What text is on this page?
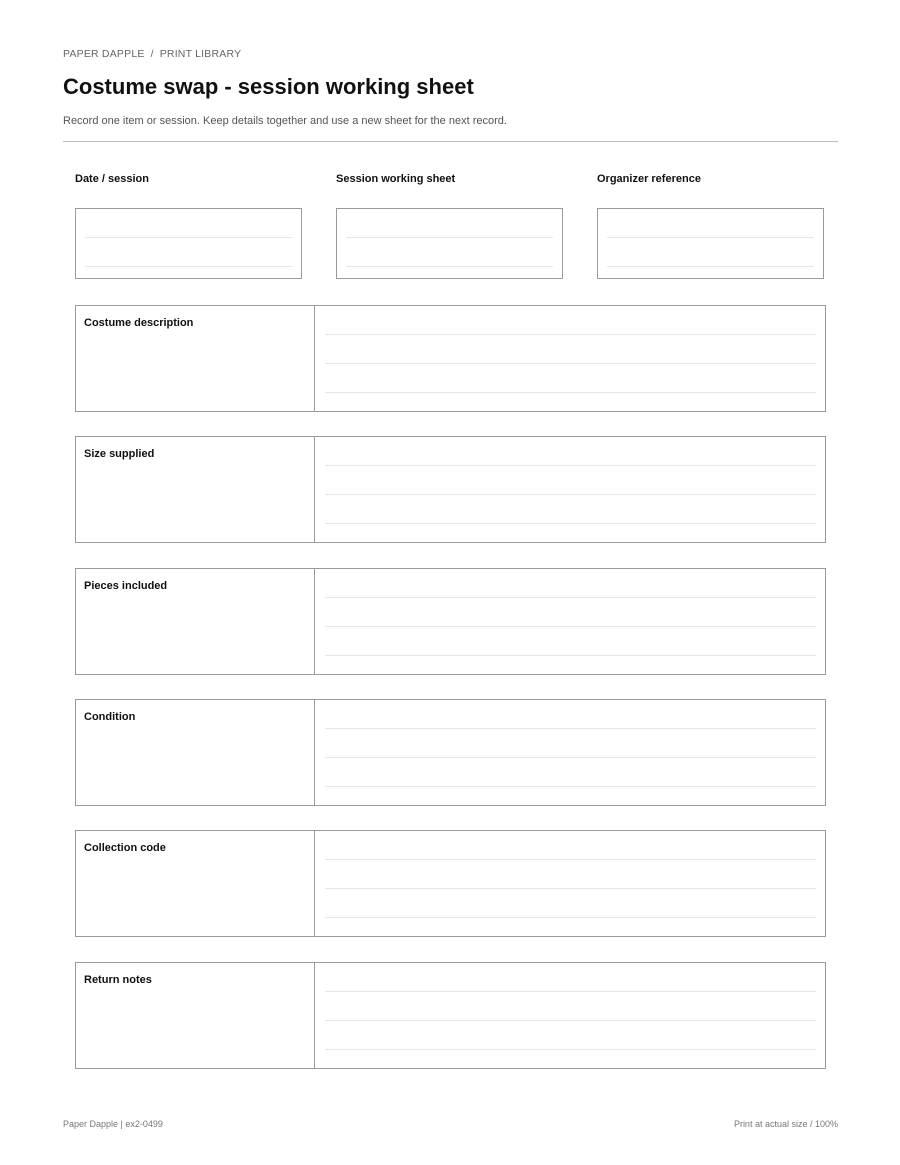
PAPER DAPPLE / PRINT LIBRARY
Costume swap - session working sheet
Record one item or session. Keep details together and use a new sheet for the next record.
Date / session	Session working sheet	Organizer reference
Costume description
Size supplied
Pieces included
Condition
Collection code
Return notes
Paper Dapple | ex2-0499	Print at actual size / 100%
